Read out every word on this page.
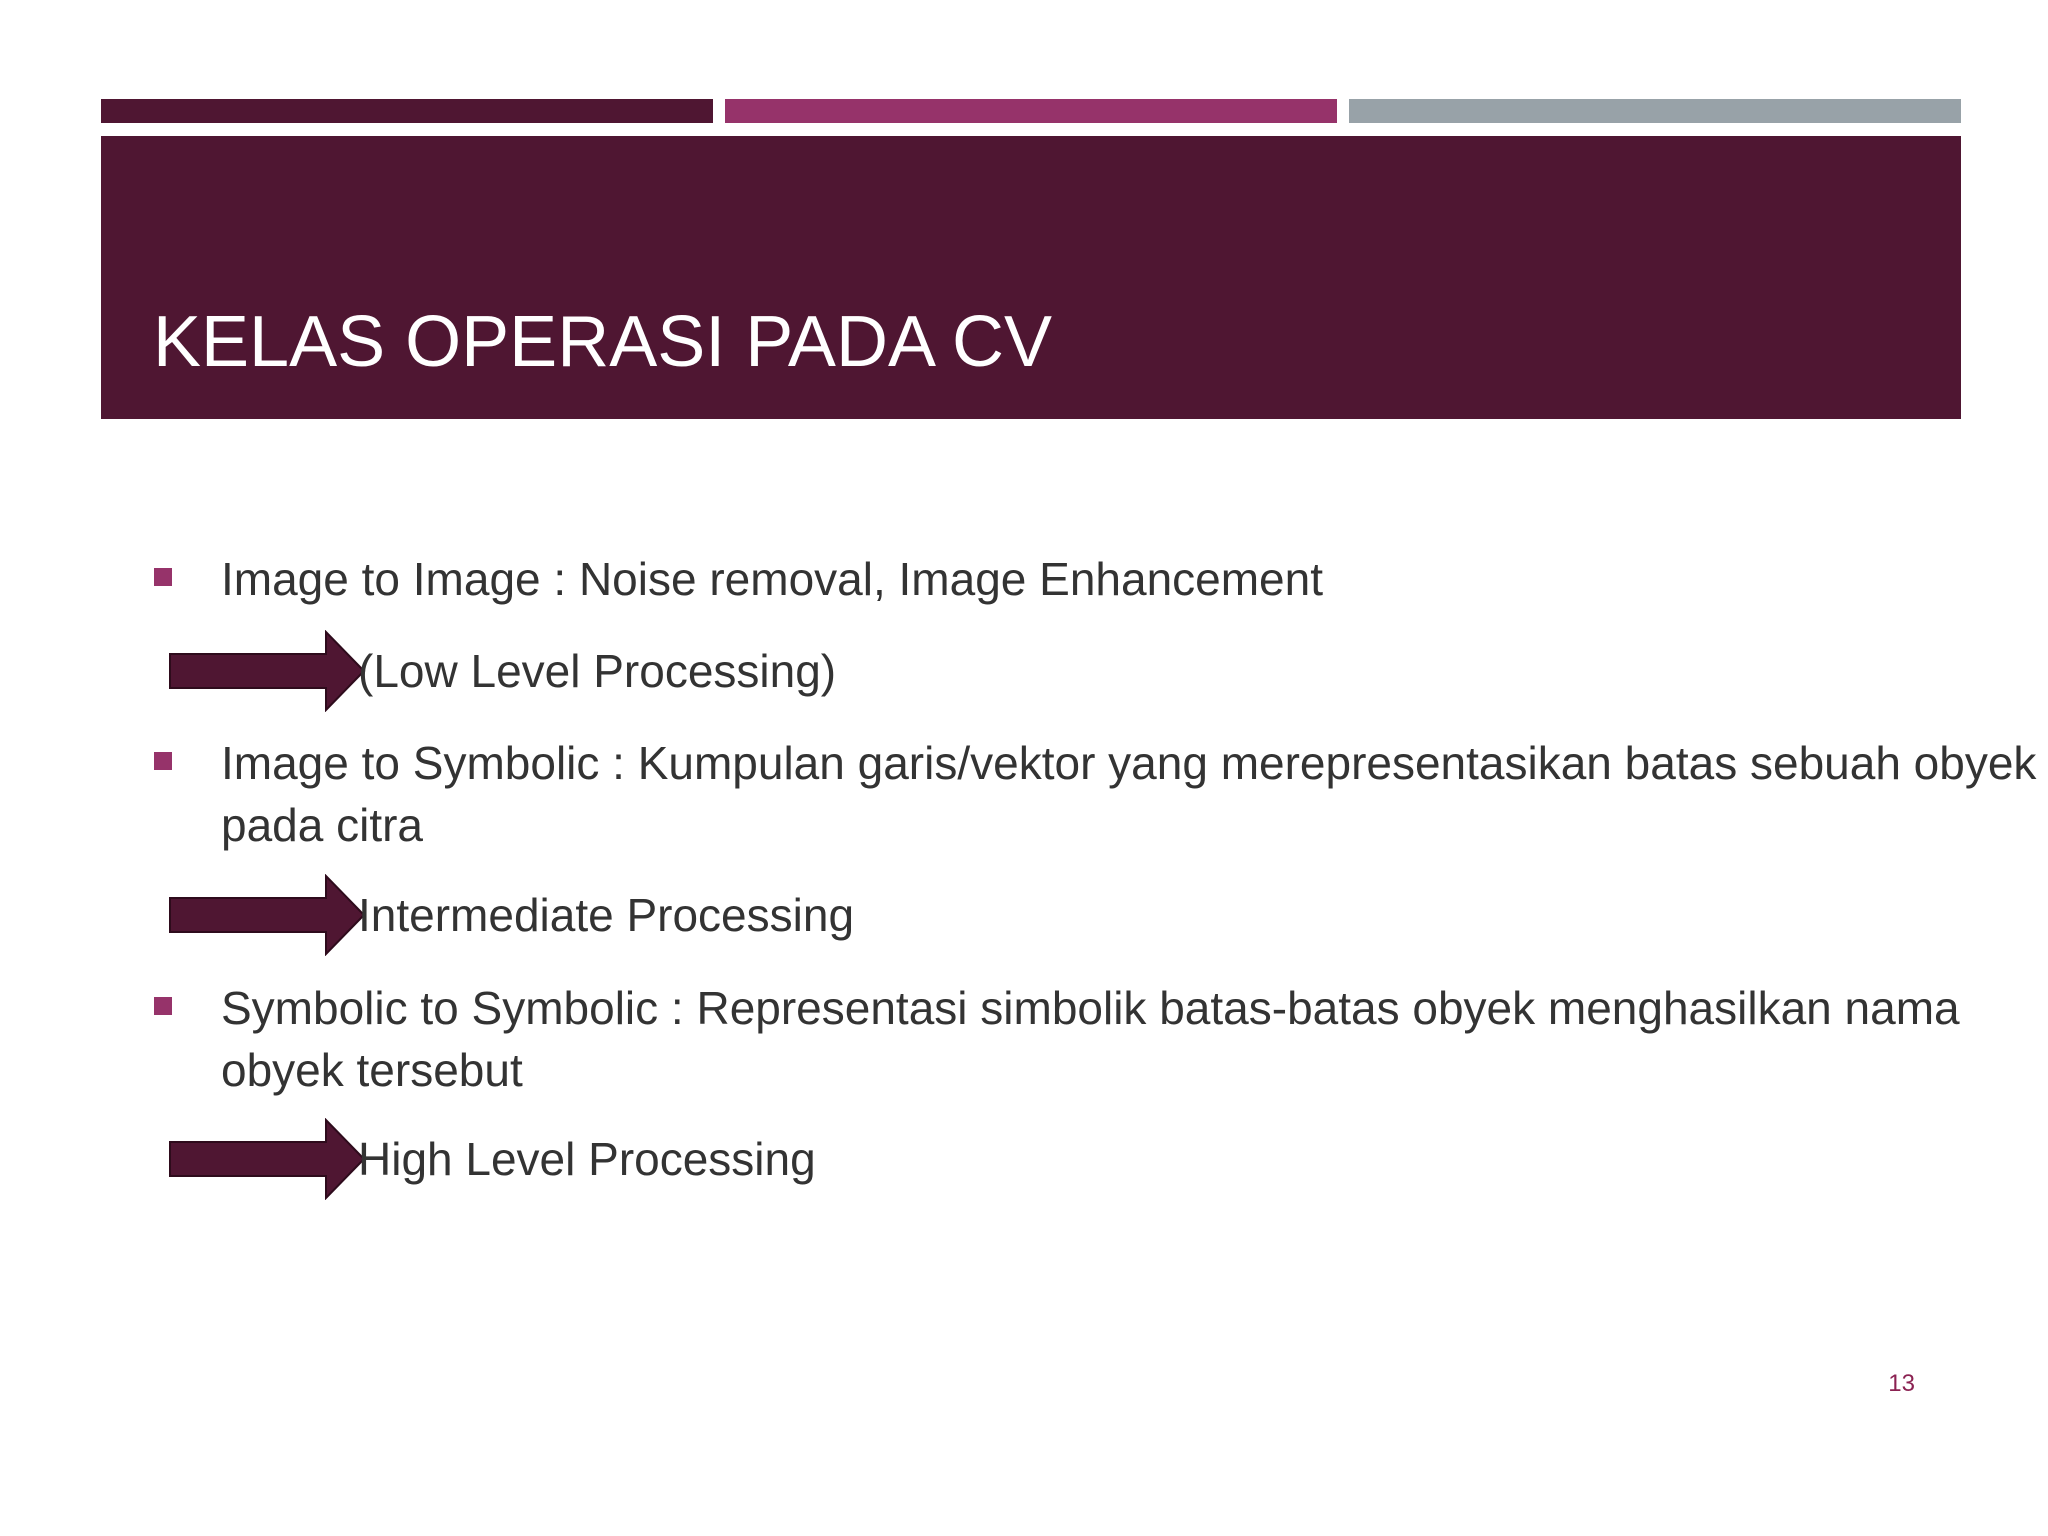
KELAS OPERASI PADA CV
Image to Image : Noise removal, Image Enhancement
(Low Level Processing)
Image to Symbolic : Kumpulan garis/vektor yang merepresentasikan batas sebuah obyek pada citra
Intermediate Processing
Symbolic to Symbolic : Representasi simbolik batas-batas obyek menghasilkan nama obyek tersebut
High Level Processing
13
